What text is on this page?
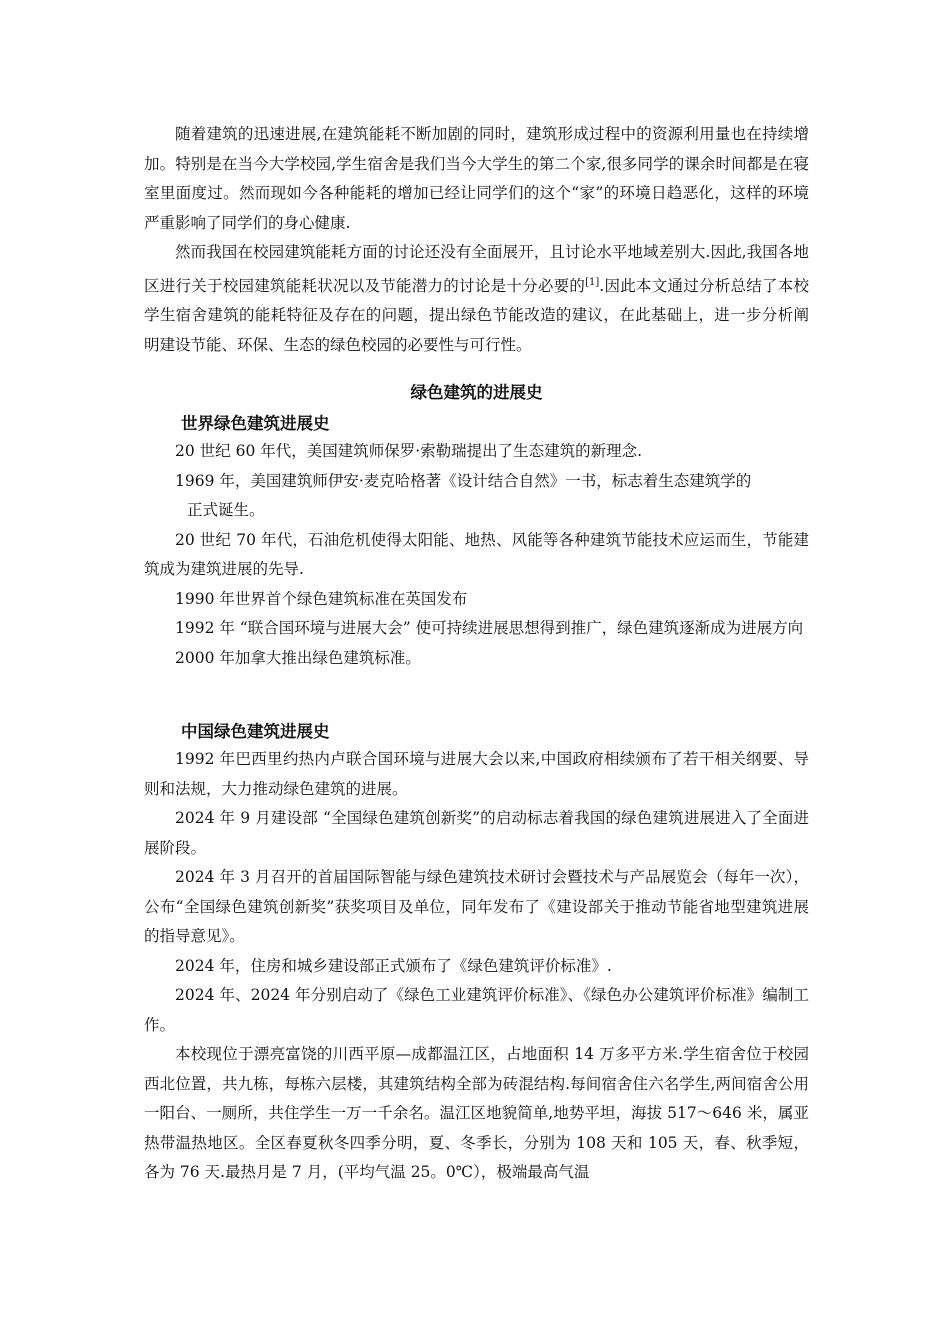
随着建筑的迅速进展,在建筑能耗不断加剧的同时，建筑形成过程中的资源利用量也在持续增加。特别是在当今大学校园,学生宿舍是我们当今大学生的第二个家,很多同学的课余时间都是在寝室里面度过。然而现如今各种能耗的增加已经让同学们的这个“家”的环境日趋恶化，这样的环境严重影响了同学们的身心健康.

然而我国在校园建筑能耗方面的讨论还没有全面展开，且讨论水平地域差别大.因此,我国各地区进行关于校园建筑能耗状况以及节能潜力的讨论是十分必要的[1].因此本文通过分析总结了本校学生宿舍建筑的能耗特征及存在的问题，提出绿色节能改造的建议，在此基础上，进一步分析阐明建设节能、环保、生态的绿色校园的必要性与可行性。

绿色建筑的进展史
世界绿色建筑进展史

20 世纪 60 年代，美国建筑师保罗·索勒瑞提出了生态建筑的新理念.

1969 年，美国建筑师伊安·麦克哈格著《设计结合自然》一书，标志着生态建筑学的

正式诞生。

20 世纪 70 年代，石油危机使得太阳能、地热、风能等各种建筑节能技术应运而生，节能建筑成为建筑进展的先导.

1990 年世界首个绿色建筑标准在英国发布

1992 年 “联合国环境与进展大会” 使可持续进展思想得到推广，绿色建筑逐渐成为进展方向

2000 年加拿大推出绿色建筑标准。

中国绿色建筑进展史

1992 年巴西里约热内卢联合国环境与进展大会以来,中国政府相续颁布了若干相关纲要、导则和法规，大力推动绿色建筑的进展。

2024 年 9 月建设部 “全国绿色建筑创新奖”的启动标志着我国的绿色建筑进展进入了全面进展阶段。

2024 年 3 月召开的首届国际智能与绿色建筑技术研讨会暨技术与产品展览会（每年一次），公布“全国绿色建筑创新奖”获奖项目及单位，同年发布了《建设部关于推动节能省地型建筑进展的指导意见》。

2024 年，住房和城乡建设部正式颁布了《绿色建筑评价标准》.

2024 年、2024 年分别启动了《绿色工业建筑评价标准》、《绿色办公建筑评价标准》编制工作。

本校现位于漂亮富饶的川西平原—成都温江区，占地面积 14 万多平方米.学生宿舍位于校园西北位置，共九栋，每栋六层楼，其建筑结构全部为砖混结构.每间宿舍住六名学生,两间宿舍公用一阳台、一厕所，共住学生一万一千余名。温江区地貌简单,地势平坦，海拔 517～646 米，属亚热带温热地区。全区春夏秋冬四季分明，夏、冬季长，分别为 108 天和 105 天，春、秋季短，各为 76 天.最热月是 7 月，(平均气温 25。0℃），极端最高气温
